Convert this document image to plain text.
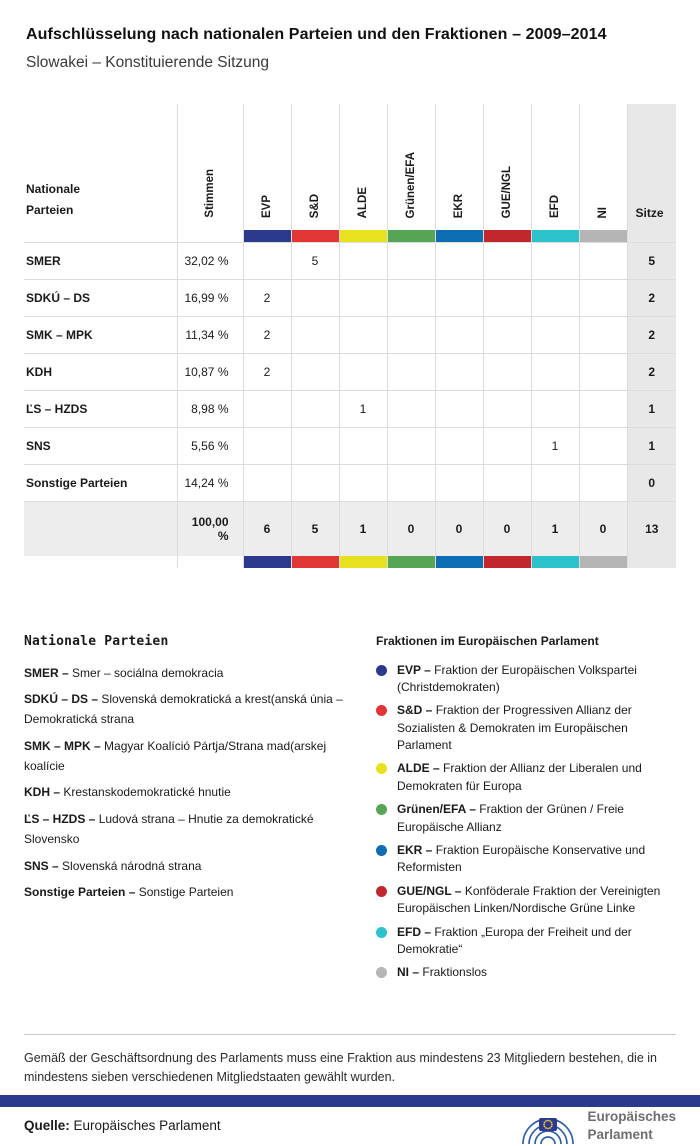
Aufschlüsselung nach nationalen Parteien und den Fraktionen – 2009–2014
Slowakei – Konstituierende Sitzung
Nationale Parteien	Stimmen	EVP	S&D	ALDE	Grünen/EFA	EKR	GUE/NGL	EFD	NI	Sitze

SMER	32,02 %		5							5
SDKÚ – DS	16,99 %	2								2
SMK – MPK	11,34 %	2								2
KDH	10,87 %	2								2
ĽS – HZDS	8,98 %			1						1
SNS	5,56 %							1		1
Sonstige Parteien	14,24 %									0
	100,00 %	6	5	1	0	0	0	1	0	13

Nationale Parteien
SMER – Smer – sociálna demokracia
SDKÚ – DS – Slovenská demokratická a krest(anská únia – Demokratická strana
SMK – MPK – Magyar Koalíció Pártja/Strana mad(arskej koalície
KDH – Krestanskodemokratické hnutie
ĽS – HZDS – Ludová strana – Hnutie za demokratické Slovensko
SNS – Slovenská národná strana
Sonstige Parteien – Sonstige Parteien
Fraktionen im Europäischen Parlament
EVP – Fraktion der Europäischen Volkspartei (Christdemokraten)
S&D – Fraktion der Progressiven Allianz der Sozialisten & Demokraten im Europäischen Parlament
ALDE – Fraktion der Allianz der Liberalen und Demokraten für Europa
Grünen/EFA – Fraktion der Grünen / Freie Europäische Allianz
EKR – Fraktion Europäische Konservative und Reformisten
GUE/NGL – Konföderale Fraktion der Vereinigten Europäischen Linken/Nordische Grüne Linke
EFD – Fraktion „Europa der Freiheit und der Demokratie“
NI – Fraktionslos
Gemäß der Geschäftsordnung des Parlaments muss eine Fraktion aus mindestens 23 Mitgliedern bestehen, die in mindestens sieben verschiedenen Mitgliedstaaten gewählt wurden.
Quelle: Europäisches Parlament
Europäisches
Parlament
